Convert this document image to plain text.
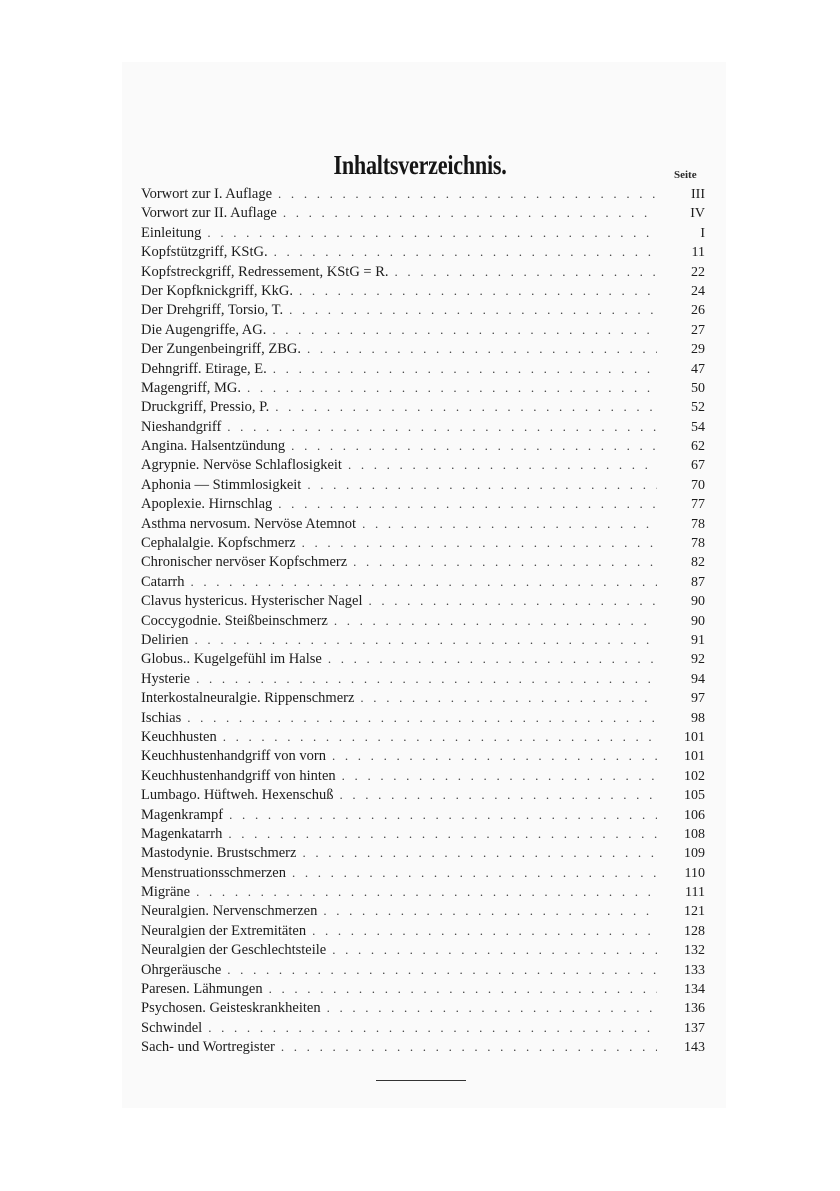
Inhaltsverzeichnis.	Seite
Vorwort zur I. Auflage . . .	III
Vorwort zur II. Auflage . . .	IV
Einleitung . . .	I
Kopfstützgriff, KStG. . . .	11
Kopfstreckgriff, Redressement, KStG = R. . . .	22
Der Kopfknickgriff, KkG. . . .	24
Der Drehgriff, Torsio, T. . . .	26
Die Augengriffe, AG. . . .	27
Der Zungenbeingriff, ZBG. . . .	29
Dehngriff. Etirage, E. . . .	47
Magengriff, MG. . . .	50
Druckgriff, Pressio, P. . . .	52
Nieshandgriff . . .	54
Angina. Halsentzündung . . .	62
Agrypnie. Nervöse Schlaflosigkeit . . .	67
Aphonia — Stimmlosigkeit . . .	70
Apoplexie. Hirnschlag . . .	77
Asthma nervosum. Nervöse Atemnot . . .	78
Cephalalgie. Kopfschmerz . . .	78
Chronischer nervöser Kopfschmerz . . .	82
Catarrh . . .	87
Clavus hystericus. Hysterischer Nagel . . .	90
Coccygodnie. Steißbeinschmerz . . .	90
Delirien . . .	91
Globus.. Kugelgefühl im Halse . . .	92
Hysterie . . .	94
Interkostalneuralgie. Rippenschmerz . . .	97
Ischias . . .	98
Keuchhusten . . .	101
Keuchhustenhandgriff von vorn . . .	101
Keuchhustenhandgriff von hinten . . .	102
Lumbago. Hüftweh. Hexenschuß . . .	105
Magenkrampf . . .	106
Magenkatarrh . . .	108
Mastodynie. Brustschmerz . . .	109
Menstruationsschmerzen . . .	110
Migräne . . .	111
Neuralgien. Nervenschmerzen . . .	121
Neuralgien der Extremitäten . . .	128
Neuralgien der Geschlechtsteile . . .	132
Ohrgeräusche . . .	133
Paresen. Lähmungen . . .	134
Psychosen. Geisteskrankheiten . . .	136
Schwindel . . .	137
Sach- und Wortregister . . .	143
